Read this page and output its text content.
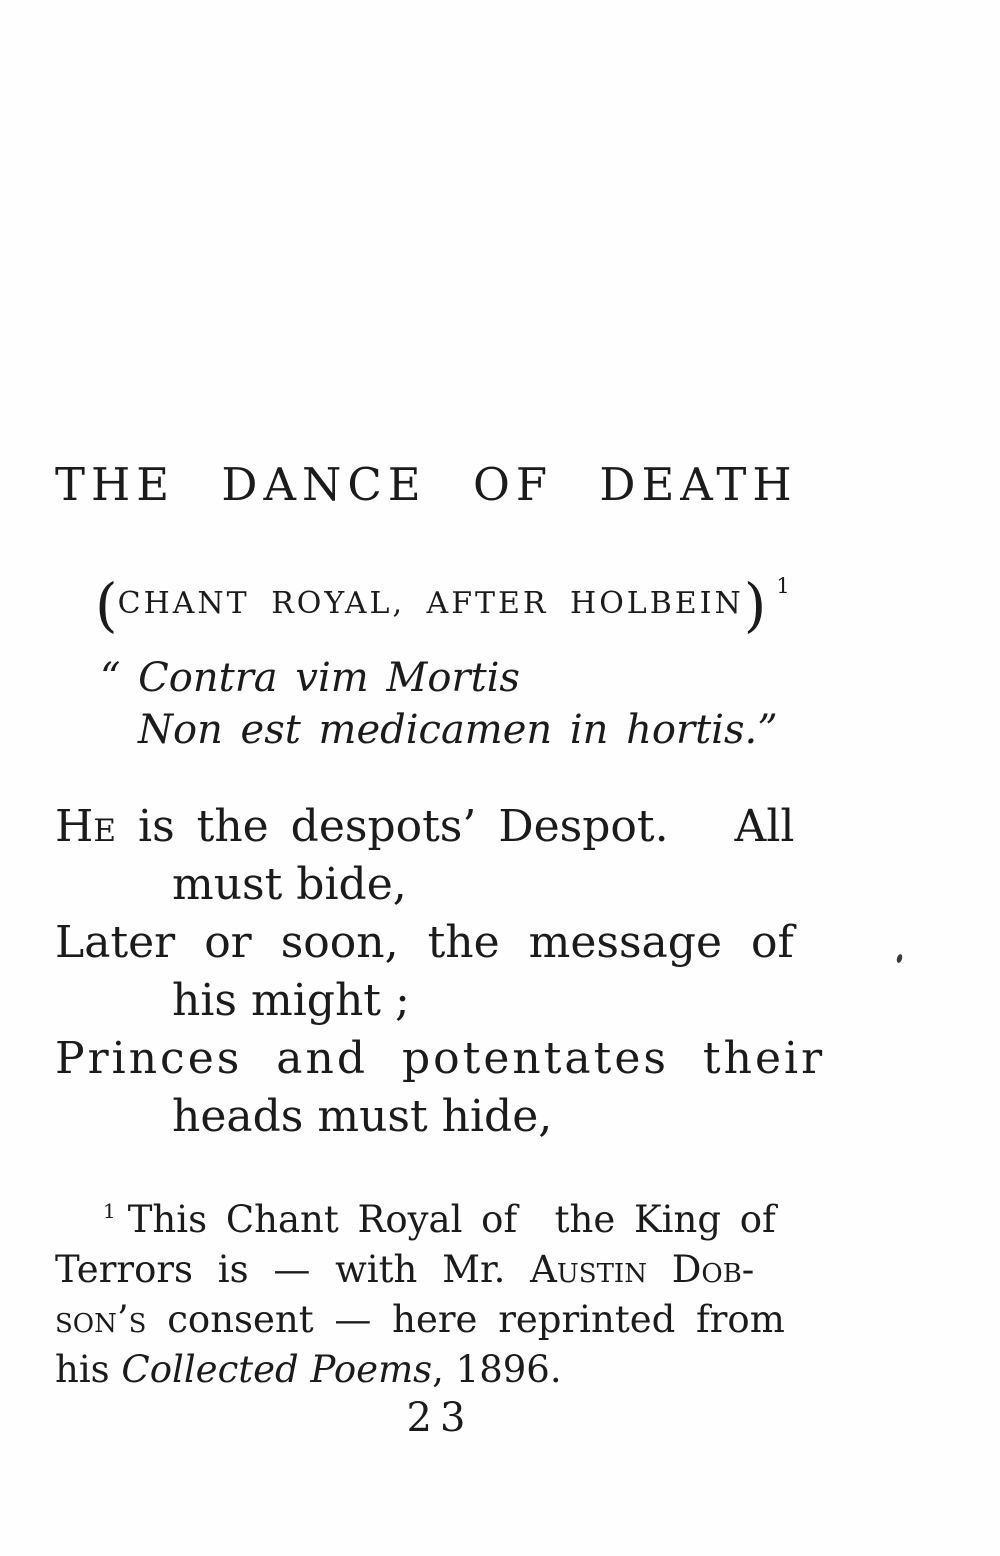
THE DANCE OF DEATH
(CHANT ROYAL, AFTER HOLBEIN) $^1$
“ Contra vim Mortis
Non est medicamen in hortis.”
He is the despots’ Despot.   All
must bide,
Later or soon, the message of
his might ;
Princes and potentates their
heads must hide,
$^1$ This Chant Royal of  the King of
Terrors is — with Mr. Austin Dob-
son’s consent — here reprinted from
his Collected Poems, 1896.
23
